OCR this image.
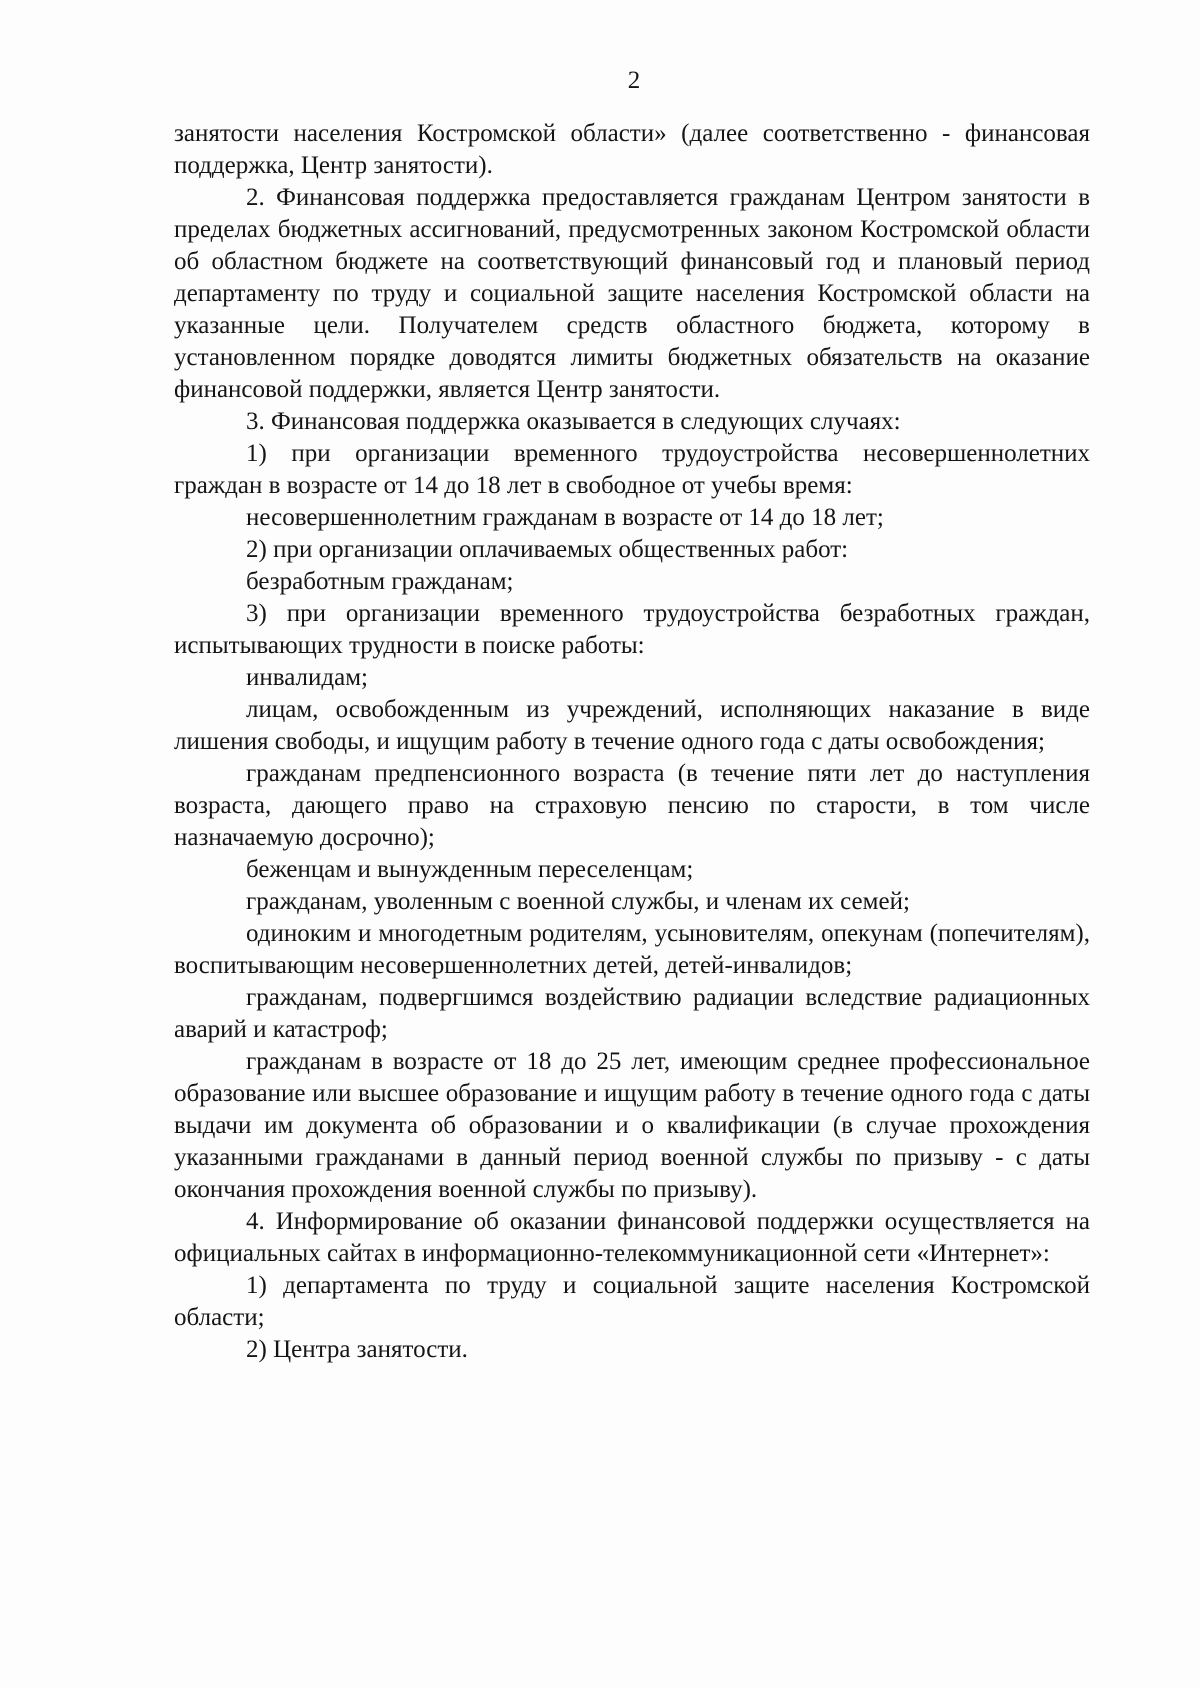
2

занятости населения Костромской области» (далее соответственно - финансовая поддержка, Центр занятости).

2. Финансовая поддержка предоставляется гражданам Центром занятости в пределах бюджетных ассигнований, предусмотренных законом Костромской области об областном бюджете на соответствующий финансовый год и плановый период департаменту по труду и социальной защите населения Костромской области на указанные цели. Получателем средств областного бюджета, которому в установленном порядке доводятся лимиты бюджетных обязательств на оказание финансовой поддержки, является Центр занятости.

3. Финансовая поддержка оказывается в следующих случаях:

1) при организации временного трудоустройства несовершеннолетних граждан в возрасте от 14 до 18 лет в свободное от учебы время:

несовершеннолетним гражданам в возрасте от 14 до 18 лет;

2) при организации оплачиваемых общественных работ:

безработным гражданам;

3) при организации временного трудоустройства безработных граждан, испытывающих трудности в поиске работы:

инвалидам;

лицам, освобожденным из учреждений, исполняющих наказание в виде лишения свободы, и ищущим работу в течение одного года с даты освобождения;

гражданам предпенсионного возраста (в течение пяти лет до наступления возраста, дающего право на страховую пенсию по старости, в том числе назначаемую досрочно);

беженцам и вынужденным переселенцам;

гражданам, уволенным с военной службы, и членам их семей;

одиноким и многодетным родителям, усыновителям, опекунам (попечителям), воспитывающим несовершеннолетних детей, детей-инвалидов;

гражданам, подвергшимся воздействию радиации вследствие радиационных аварий и катастроф;

гражданам в возрасте от 18 до 25 лет, имеющим среднее профессиональное образование или высшее образование и ищущим работу в течение одного года с даты выдачи им документа об образовании и о квалификации (в случае прохождения указанными гражданами в данный период военной службы по призыву - с даты окончания прохождения военной службы по призыву).

4. Информирование об оказании финансовой поддержки осуществляется на официальных сайтах в информационно-телекоммуникационной сети «Интернет»:

1) департамента по труду и социальной защите населения Костромской области;

2) Центра занятости.
